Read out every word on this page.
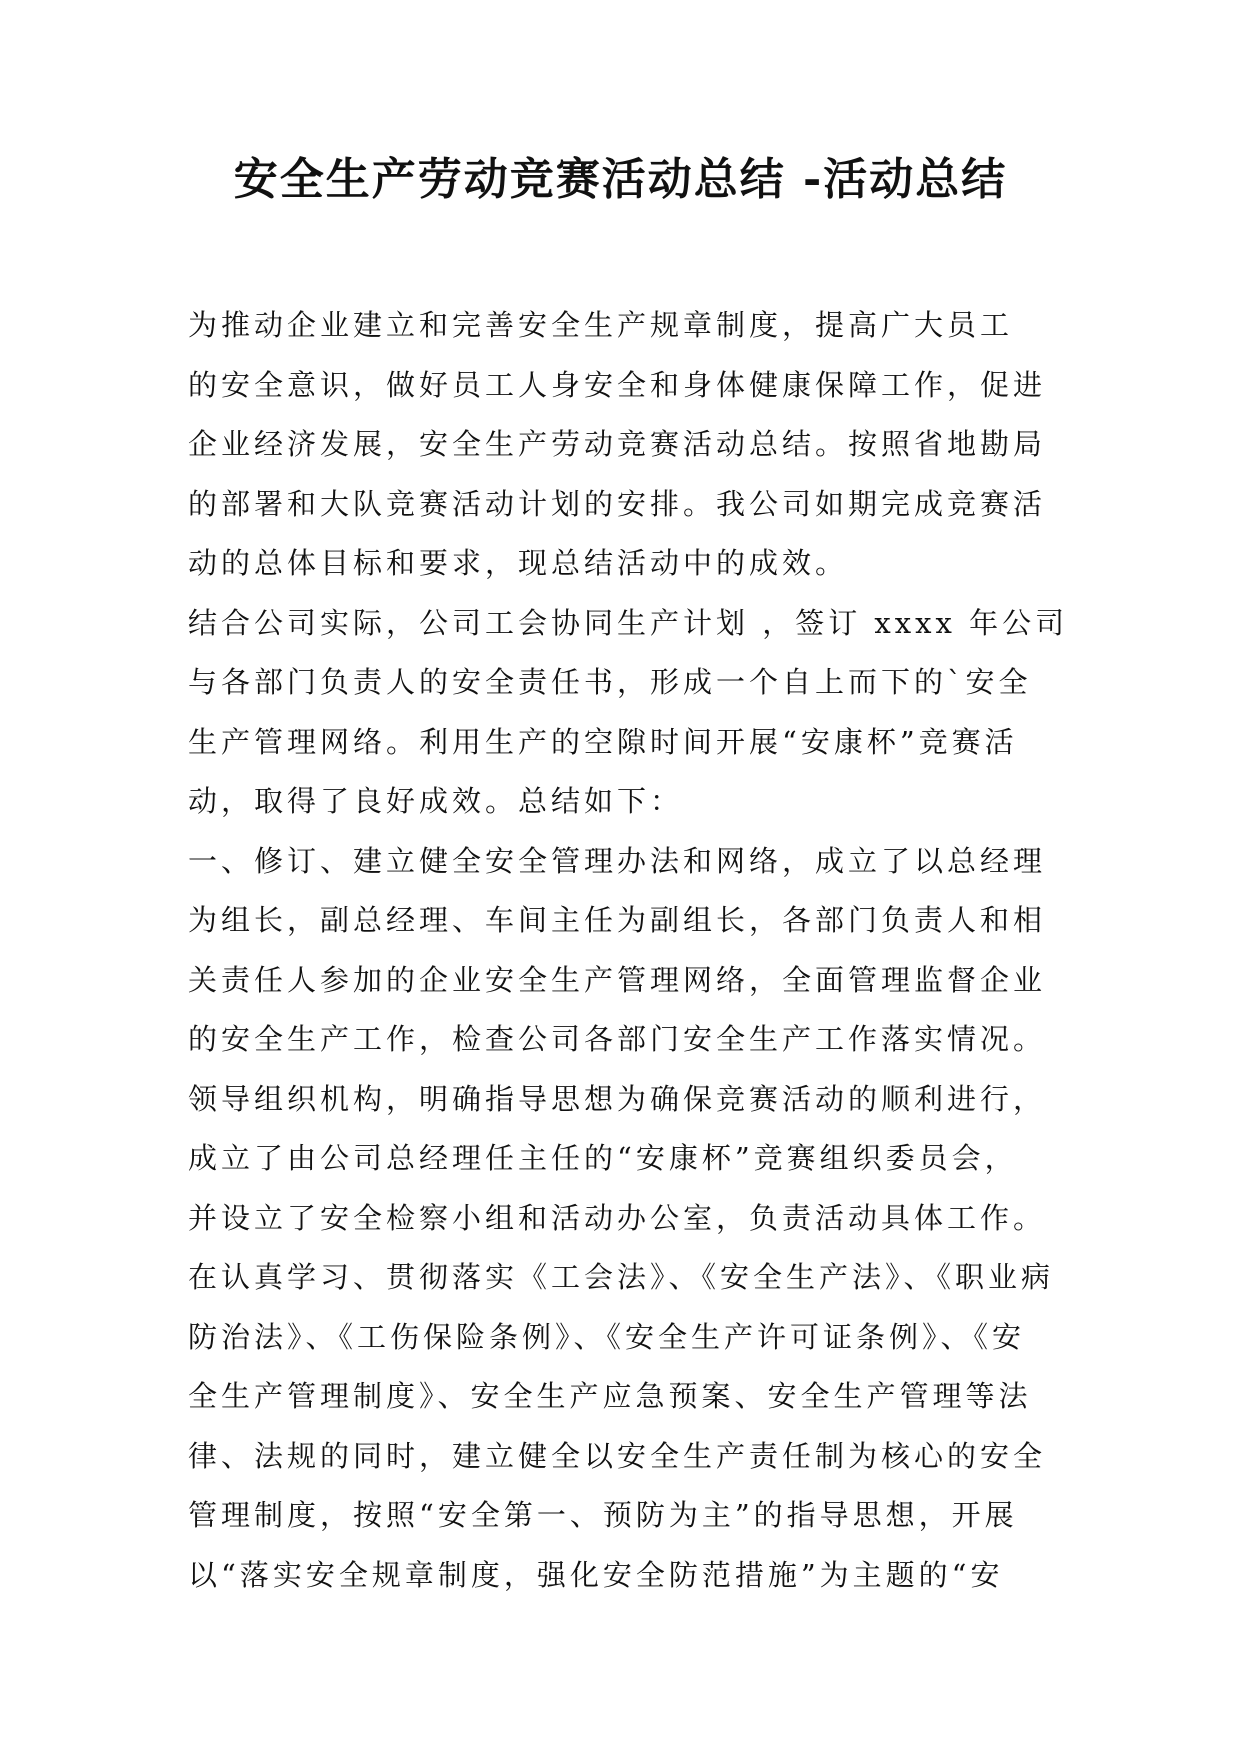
安全生产劳动竞赛活动总结 -活动总结

为推动企业建立和完善安全生产规章制度，提高广大员工

的安全意识，做好员工人身安全和身体健康保障工作，促进

企业经济发展，安全生产劳动竞赛活动总结。按照省地勘局

的部署和大队竞赛活动计划的安排。我公司如期完成竞赛活

动的总体目标和要求，现总结活动中的成效。

结合公司实际，公司工会协同生产计划 ，签订 xxxx 年公司

与各部门负责人的安全责任书，形成一个自上而下的`安全

生产管理网络。利用生产的空隙时间开展“安康杯”竞赛活

动，取得了良好成效。总结如下：

一、修订、建立健全安全管理办法和网络，成立了以总经理

为组长，副总经理、车间主任为副组长，各部门负责人和相

关责任人参加的企业安全生产管理网络，全面管理监督企业

的安全生产工作，检查公司各部门安全生产工作落实情况。

领导组织机构，明确指导思想为确保竞赛活动的顺利进行，

成立了由公司总经理任主任的“安康杯”竞赛组织委员会，

并设立了安全检察小组和活动办公室，负责活动具体工作。

在认真学习、贯彻落实《工会法》、《安全生产法》、《职业病

防治法》、《工伤保险条例》、《安全生产许可证条例》、《安

全生产管理制度》、安全生产应急预案、安全生产管理等法

律、法规的同时，建立健全以安全生产责任制为核心的安全

管理制度，按照“安全第一、预防为主”的指导思想，开展

以“落实安全规章制度，强化安全防范措施”为主题的“安
